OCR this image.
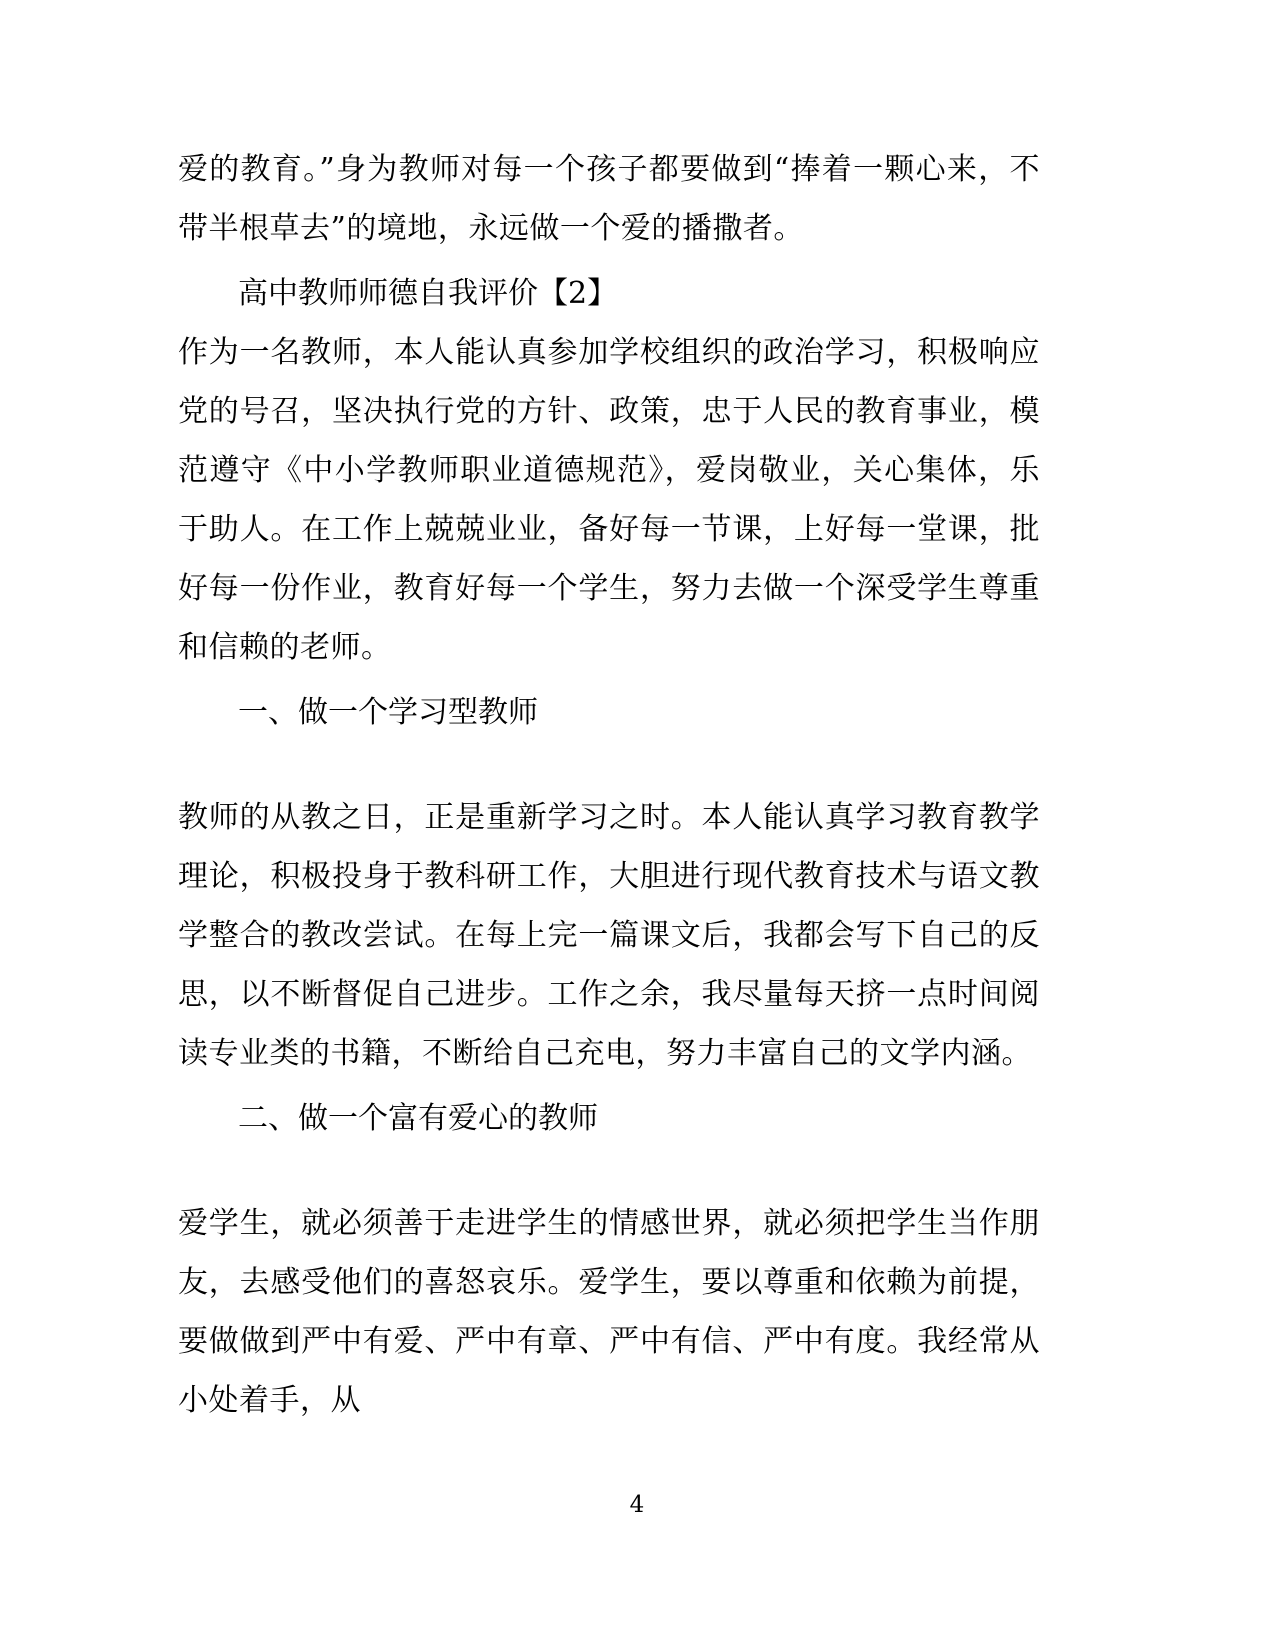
爱的教育。”身为教师对每一个孩子都要做到“捧着一颗心来，不带半根草去”的境地，永远做一个爱的播撒者。

高中教师师德自我评价【2】

作为一名教师，本人能认真参加学校组织的政治学习，积极响应党的号召，坚决执行党的方针、政策，忠于人民的教育事业，模范遵守《中小学教师职业道德规范》，爱岗敬业，关心集体，乐于助人。在工作上兢兢业业，备好每一节课，上好每一堂课，批好每一份作业，教育好每一个学生，努力去做一个深受学生尊重和信赖的老师。

一、做一个学习型教师

教师的从教之日，正是重新学习之时。本人能认真学习教育教学理论，积极投身于教科研工作，大胆进行现代教育技术与语文教学整合的教改尝试。在每上完一篇课文后，我都会写下自己的反思，以不断督促自己进步。工作之余，我尽量每天挤一点时间阅读专业类的书籍，不断给自己充电，努力丰富自己的文学内涵。

二、做一个富有爱心的教师

爱学生，就必须善于走进学生的情感世界，就必须把学生当作朋友，去感受他们的喜怒哀乐。爱学生，要以尊重和依赖为前提，要做做到严中有爱、严中有章、严中有信、严中有度。我经常从小处着手，从

4
